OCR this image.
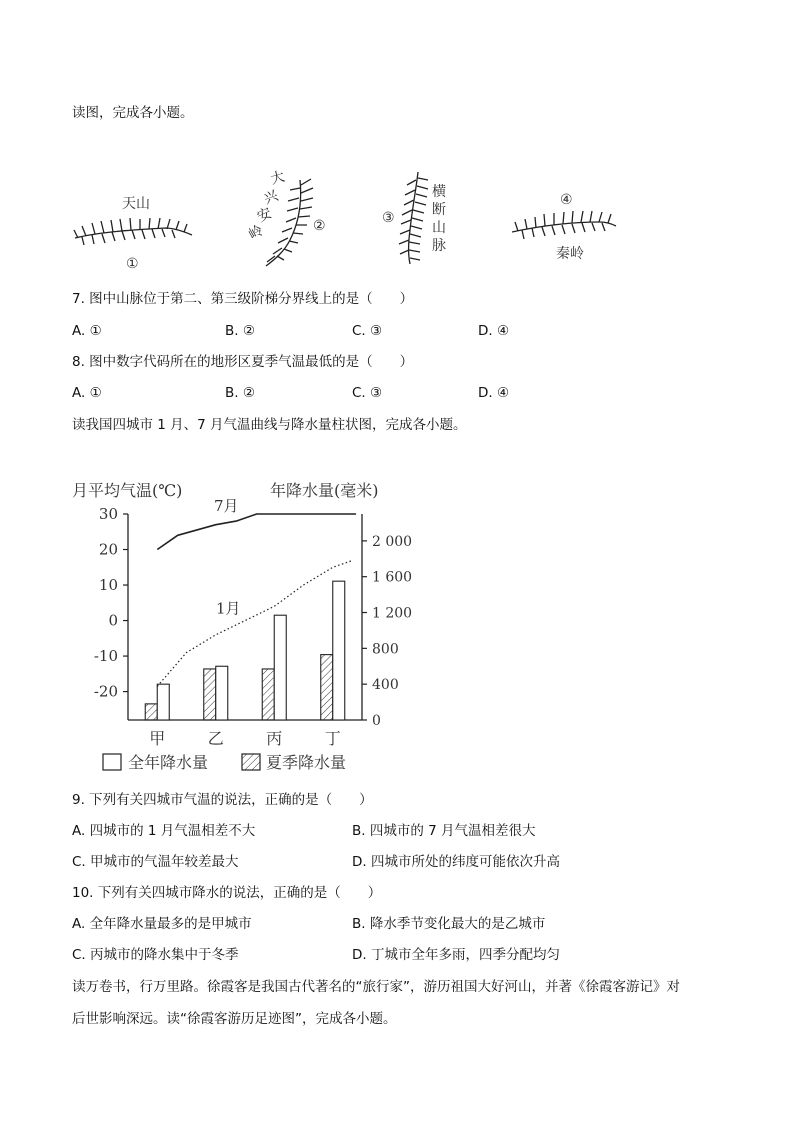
读图，完成各小题。
天山
①
大
兴
安
岭	②
横
断
山
脉
③
秦岭
④
7. 图中山脉位于第二、第三级阶梯分界线上的是（　　）
A. ①	B. ②	C. ③	D. ④
8. 图中数字代码所在的地形区夏季气温最低的是（　　）
A. ①	B. ②	C. ③	D. ④
读我国四城市 1 月、7 月气温曲线与降水量柱状图，完成各小题。
月平均气温(℃)	年降水量(毫米)
30
20
10
0
-10
-20
2 000
1 600
1 200
800
400
0
甲	乙	丙	丁
7月
1月
全年降水量	夏季降水量
9. 下列有关四城市气温的说法，正确的是（　　）
A. 四城市的 1 月气温相差不大	B. 四城市的 7 月气温相差很大
C. 甲城市的气温年较差最大	D. 四城市所处的纬度可能依次升高
10. 下列有关四城市降水的说法，正确的是（　　）
A. 全年降水量最多的是甲城市	B. 降水季节变化最大的是乙城市
C. 丙城市的降水集中于冬季	D. 丁城市全年多雨，四季分配均匀
读万卷书，行万里路。徐霞客是我国古代著名的“旅行家”，游历祖国大好河山，并著《徐霞客游记》对
后世影响深远。读“徐霞客游历足迹图”，完成各小题。
